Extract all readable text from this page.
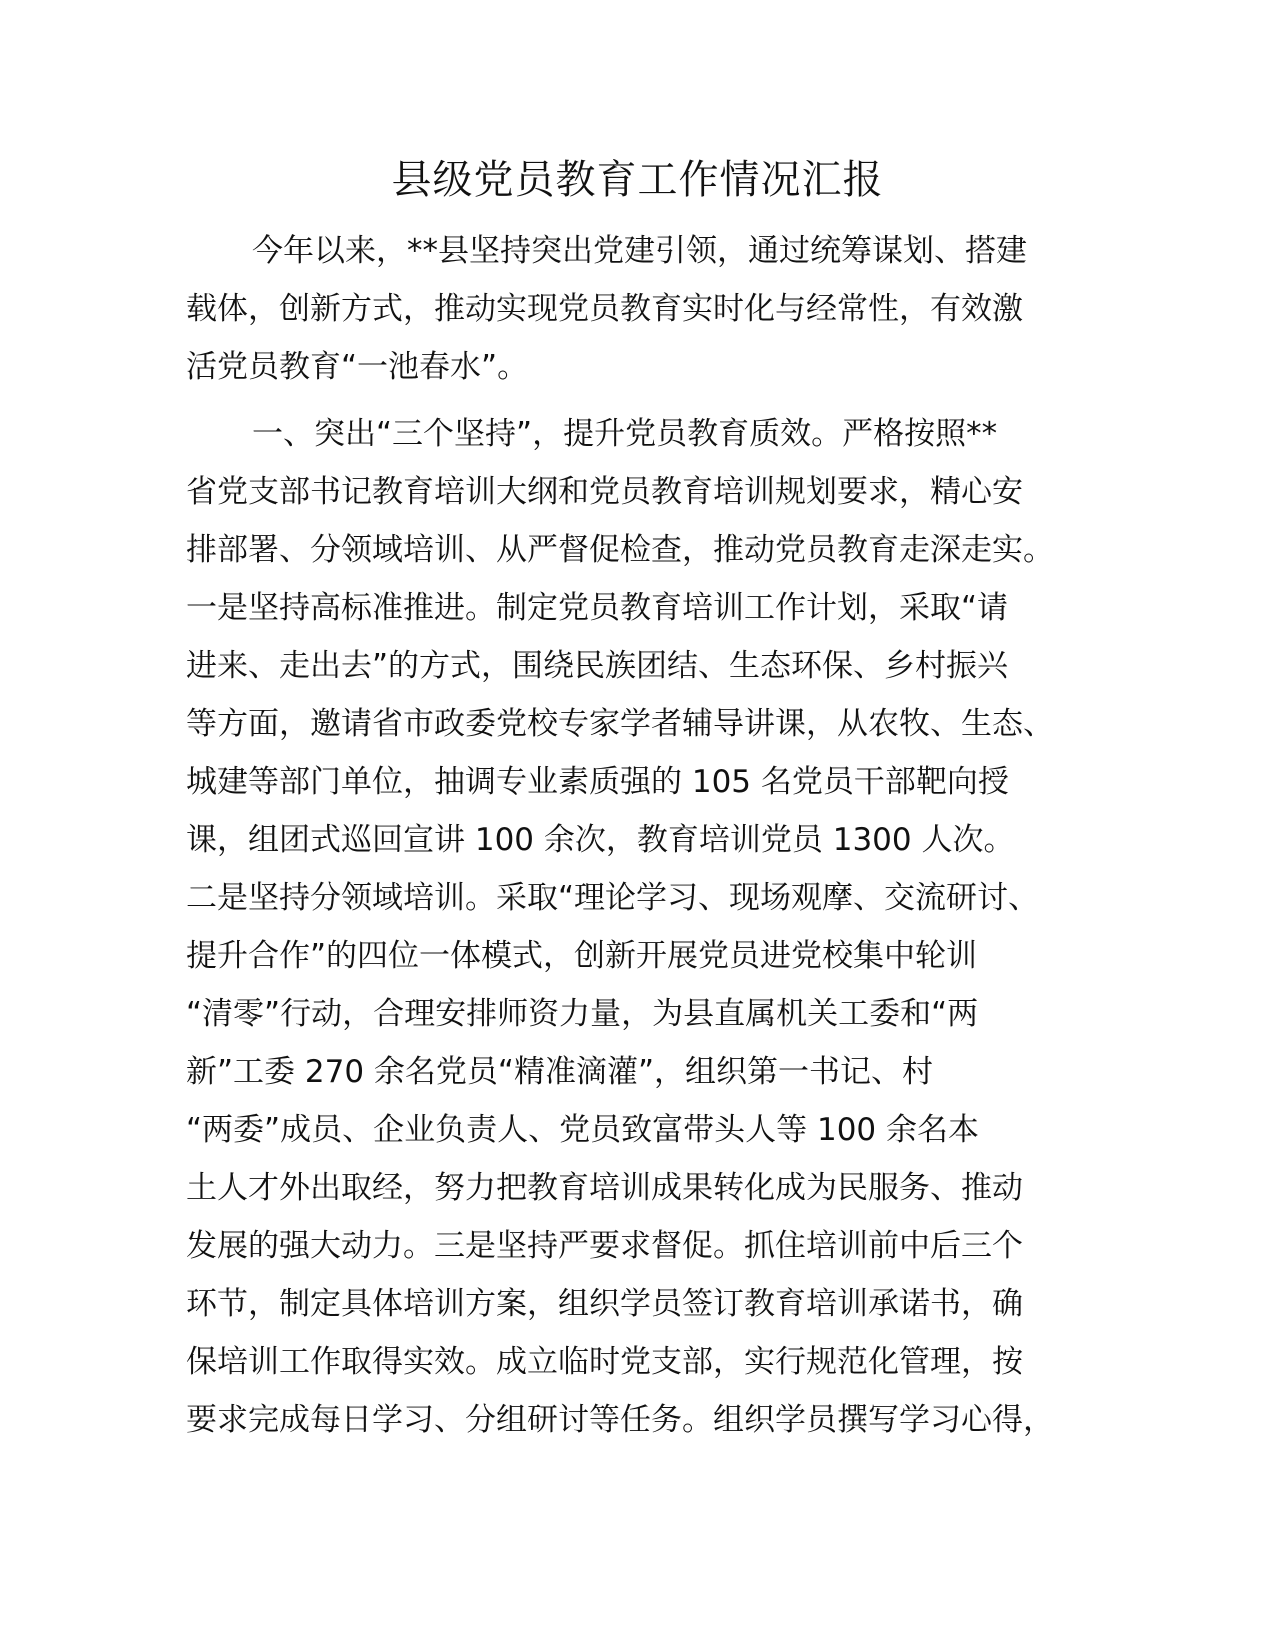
县级党员教育工作情况汇报
今年以来，**县坚持突出党建引领，通过统筹谋划、搭建
载体，创新方式，推动实现党员教育实时化与经常性，有效激
活党员教育“一池春水”。
一、突出“三个坚持”，提升党员教育质效。严格按照**
省党支部书记教育培训大纲和党员教育培训规划要求，精心安
排部署、分领域培训、从严督促检查，推动党员教育走深走实。
一是坚持高标准推进。制定党员教育培训工作计划，采取“请
进来、走出去”的方式，围绕民族团结、生态环保、乡村振兴
等方面，邀请省市政委党校专家学者辅导讲课，从农牧、生态、
城建等部门单位，抽调专业素质强的 105 名党员干部靶向授
课，组团式巡回宣讲 100 余次，教育培训党员 1300 人次。
二是坚持分领域培训。采取“理论学习、现场观摩、交流研讨、
提升合作”的四位一体模式，创新开展党员进党校集中轮训
“清零”行动，合理安排师资力量，为县直属机关工委和“两
新”工委 270 余名党员“精准滴灌”，组织第一书记、村
“两委”成员、企业负责人、党员致富带头人等 100 余名本
土人才外出取经，努力把教育培训成果转化成为民服务、推动
发展的强大动力。三是坚持严要求督促。抓住培训前中后三个
环节，制定具体培训方案，组织学员签订教育培训承诺书，确
保培训工作取得实效。成立临时党支部，实行规范化管理，按
要求完成每日学习、分组研讨等任务。组织学员撰写学习心得，
